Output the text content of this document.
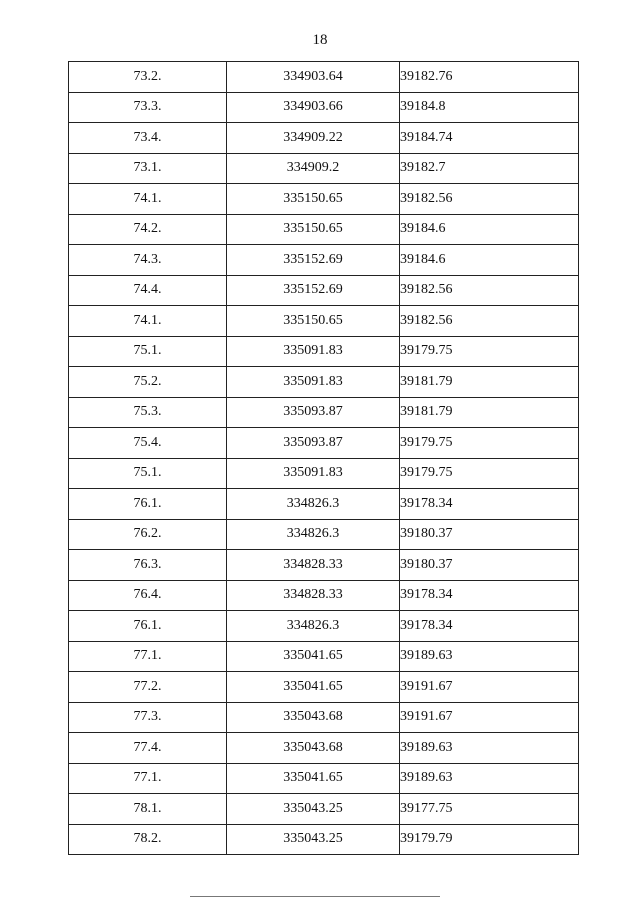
18
73.2.	334903.64	39182.76
73.3.	334903.66	39184.8
73.4.	334909.22	39184.74
73.1.	334909.2	39182.7
74.1.	335150.65	39182.56
74.2.	335150.65	39184.6
74.3.	335152.69	39184.6
74.4.	335152.69	39182.56
74.1.	335150.65	39182.56
75.1.	335091.83	39179.75
75.2.	335091.83	39181.79
75.3.	335093.87	39181.79
75.4.	335093.87	39179.75
75.1.	335091.83	39179.75
76.1.	334826.3	39178.34
76.2.	334826.3	39180.37
76.3.	334828.33	39180.37
76.4.	334828.33	39178.34
76.1.	334826.3	39178.34
77.1.	335041.65	39189.63
77.2.	335041.65	39191.67
77.3.	335043.68	39191.67
77.4.	335043.68	39189.63
77.1.	335041.65	39189.63
78.1.	335043.25	39177.75
78.2.	335043.25	39179.79
